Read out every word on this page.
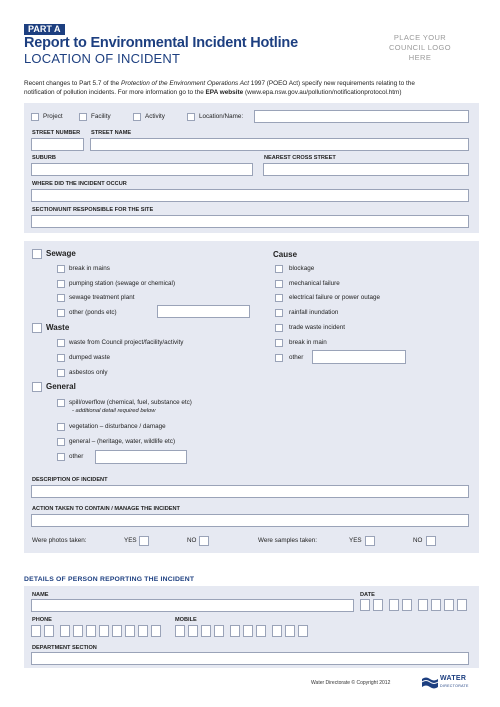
PART A
Report to Environmental Incident Hotline
LOCATION OF INCIDENT
PLACE YOUR
COUNCIL LOGO
HERE
Recent changes to Part 5.7 of the Protection of the Environment Operations Act 1997 (POEO Act) specify new requirements relating to the
notification of pollution incidents. For more information go to the EPA website (www.epa.nsw.gov.au/pollution/notificationprotocol.htm)
Project	Facility	Activity	Location/Name:
STREET NUMBER STREET NAME
SUBURB	NEAREST CROSS STREET
WHERE DID THE INCIDENT OCCUR
SECTION/UNIT RESPONSIBLE FOR THE SITE
Sewage
break in mains
pumping station (sewage or chemical)
sewage treatment plant
other (ponds etc)
Waste
waste from Council project/facility/activity
dumped waste
asbestos only
General
spill/overflow (chemical, fuel, substance etc)
- additional detail required below
vegetation – disturbance / damage
general – (heritage, water, wildlife etc)
other
Cause
blockage
mechanical failure
electrical failure or power outage
rainfall inundation
trade waste incident
break in main
other
DESCRIPTION OF INCIDENT
ACTION TAKEN TO CONTAIN / MANAGE THE INCIDENT
Were photos taken:	YES	NO	Were samples taken:	YES	NO
DETAILS OF PERSON REPORTING THE INCIDENT
NAME	DATE
PHONE	MOBILE
DEPARTMENT SECTION
Water Directorate © Copyright 2012
WATER
DIRECTORATE
